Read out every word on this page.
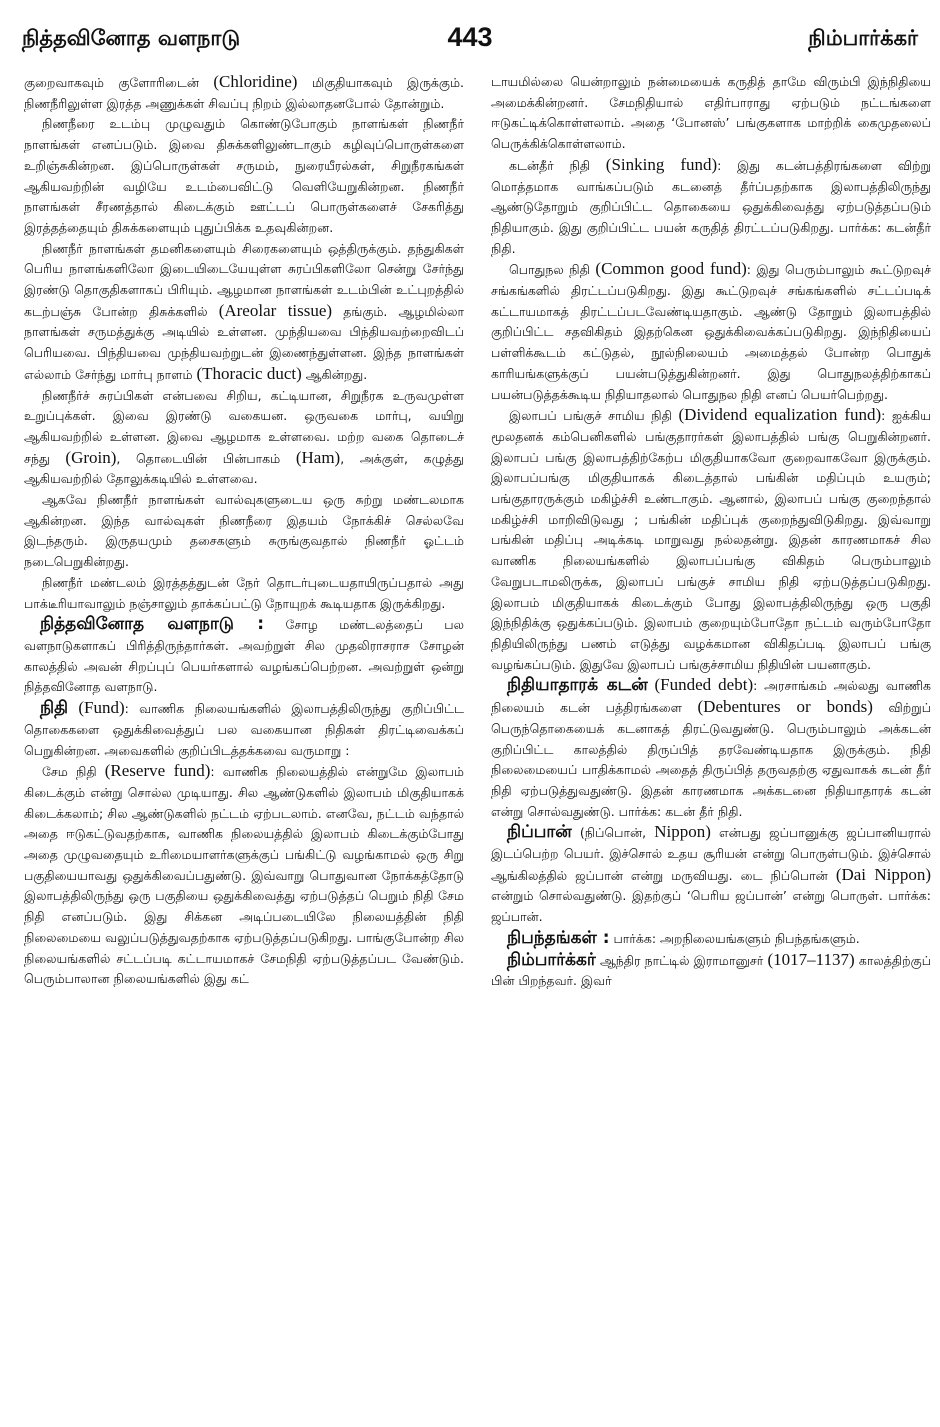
நித்தவினோத வளநாடு	443	நிம்பார்க்கர்

குறைவாகவும் குளோரிடைன் (Chloridine) மிகுதியாகவும் இருக்கும். நிணநீரிலுள்ள இரத்த அணுக்கள் சிவப்பு நிறம் இல்லாதனபோல் தோன்றும்.

நிணநீரை உடம்பு முழுவதும் கொண்டுபோகும் நாளங்கள் நிணநீர் நாளங்கள் எனப்படும். இவை திசுக்களிலுண்டாகும் கழிவுப்பொருள்களை உறிஞ்சுகின்றன. இப்பொருள்கள் சருமம், நுரையீரல்கள், சிறுநீரகங்கள் ஆகியவற்றின் வழியே உடம்பைவிட்டு வெளியேறுகின்றன. நிணநீர் நாளங்கள் சீரணத்தால் கிடைக்கும் ஊட்டப் பொருள்களைச் சேகரித்து இரத்தத்தையும் திசுக்களையும் புதுப்பிக்க உதவுகின்றன.

நிணநீர் நாளங்கள் தமனிகளையும் சிரைகளையும் ஒத்திருக்கும். தந்துகிகள் பெரிய நாளங்களிலோ இடையிடையேயுள்ள சுரப்பிகளிலோ சென்று சேர்ந்து இரண்டு தொகுதிகளாகப் பிரியும். ஆழமான நாளங்கள் உடம்பின் உட்புறத்தில் கடற்பஞ்சு போன்ற திசுக்களில் (Areolar tissue) தங்கும். ஆழமில்லா நாளங்கள் சருமத்துக்கு அடியில் உள்ளன. முந்தியவை பிந்தியவற்றைவிடப் பெரியவை. பிந்தியவை முந்தியவற்றுடன் இணைந்துள்ளன. இந்த நாளங்கள் எல்லாம் சேர்ந்து மார்பு நாளம் (Thoracic duct) ஆகின்றது.

நிணநீர்ச் சுரப்பிகள் என்பவை சிறிய, கட்டியான, சிறுநீரக உருவமுள்ள உறுப்புக்கள். இவை இரண்டு வகையன. ஒருவகை மார்பு, வயிறு ஆகியவற்றில் உள்ளன. இவை ஆழமாக உள்ளவை. மற்ற வகை தொடைச் சந்து (Groin), தொடையின் பின்பாகம் (Ham), அக்குள், கழுத்து ஆகியவற்றில் தோலுக்கடியில் உள்ளவை.

ஆகவே நிணநீர் நாளங்கள் வால்வுகளுடைய ஒரு சுற்று மண்டலமாக ஆகின்றன. இந்த வால்வுகள் நிணநீரை இதயம் நோக்கிச் செல்லவே இடந்தரும். இருதயமும் தசைகளும் சுருங்குவதால் நிணநீர் ஓட்டம் நடைபெறுகின்றது.

நிணநீர் மண்டலம் இரத்தத்துடன் நேர் தொடர்புடையதாயிருப்பதால் அது பாக்டீரியாவாலும் நஞ்சாலும் தாக்கப்பட்டு நோயுறக் கூடியதாக இருக்கிறது.

நித்தவினோத வளநாடு : சோழ மண்டலத்தைப் பல வளநாடுகளாகப் பிரித்திருந்தார்கள். அவற்றுள் சில முதலிராசராச சோழன் காலத்தில் அவன் சிறப்புப் பெயர்களால் வழங்கப்பெற்றன. அவற்றுள் ஒன்று நித்தவினோத வளநாடு.

நிதி (Fund): வாணிக நிலையங்களில் இலாபத்திலிருந்து குறிப்பிட்ட தொகைகளை ஒதுக்கிவைத்துப் பல வகையான நிதிகள் திரட்டிவைக்கப் பெறுகின்றன. அவைகளில் குறிப்பிடத்தக்கவை வருமாறு :

சேம நிதி (Reserve fund): வாணிக நிலையத்தில் என்றுமே இலாபம் கிடைக்கும் என்று சொல்ல முடியாது. சில ஆண்டுகளில் இலாபம் மிகுதியாகக் கிடைக்கலாம்; சில ஆண்டுகளில் நட்டம் ஏற்படலாம். எனவே, நட்டம் வந்தால் அதை ஈடுகட்டுவதற்காக, வாணிக நிலையத்தில் இலாபம் கிடைக்கும்போது அதை முழுவதையும் உரிமையாளர்களுக்குப் பங்கிட்டு வழங்காமல் ஒரு சிறு பகுதியையாவது ஒதுக்கிவைப்பதுண்டு. இவ்வாறு பொதுவான நோக்கத்தோடு இலாபத்திலிருந்து ஒரு பகுதியை ஒதுக்கிவைத்து ஏற்படுத்தப் பெறும் நிதி சேம நிதி எனப்படும். இது சிக்கன அடிப்படையிலே நிலையத்தின் நிதி நிலைமையை வலுப்படுத்துவதற்காக ஏற்படுத்தப்படுகிறது. பாங்குபோன்ற சில நிலையங்களில் சட்டப்படி கட்டாயமாகச் சேமநிதி ஏற்படுத்தப்பட வேண்டும். பெரும்பாலான நிலையங்களில் இது கட்

டாயமில்லை யென்றாலும் நன்மையைக் கருதித் தாமே விரும்பி இந்நிதியை அமைக்கின்றனர். சேமநிதியால் எதிர்பாராது ஏற்படும் நட்டங்களை ஈடுகட்டிக்கொள்ளலாம். அதை ‘போனஸ்’ பங்குகளாக மாற்றிக் கைமுதலைப் பெருக்கிக்கொள்ளலாம்.

கடன்தீர் நிதி (Sinking fund): இது கடன்பத்திரங்களை விற்று மொத்தமாக வாங்கப்படும் கடனைத் தீர்ப்பதற்காக இலாபத்திலிருந்து ஆண்டுதோறும் குறிப்பிட்ட தொகையை ஒதுக்கிவைத்து ஏற்படுத்தப்படும் நிதியாகும். இது குறிப்பிட்ட பயன் கருதித் திரட்டப்படுகிறது. பார்க்க: கடன்தீர் நிதி.

பொதுநல நிதி (Common good fund): இது பெரும்பாலும் கூட்டுறவுச் சங்கங்களில் திரட்டப்படுகிறது. இது கூட்டுறவுச் சங்கங்களில் சட்டப்படிக் கட்டாயமாகத் திரட்டப்படவேண்டியதாகும். ஆண்டு தோறும் இலாபத்தில் குறிப்பிட்ட சதவிகிதம் இதற்கென ஒதுக்கிவைக்கப்படுகிறது. இந்நிதியைப் பள்ளிக்கூடம் கட்டுதல், நூல்நிலையம் அமைத்தல் போன்ற பொதுக் காரியங்களுக்குப் பயன்படுத்துகின்றனர். இது பொதுநலத்திற்காகப் பயன்படுத்தக்கூடிய நிதியாதலால் பொதுநல நிதி எனப் பெயர்பெற்றது.

இலாபப் பங்குச் சாமிய நிதி (Dividend equalization fund): ஐக்கிய மூலதனக் கம்பெனிகளில் பங்குதாரர்கள் இலாபத்தில் பங்கு பெறுகின்றனர். இலாபப் பங்கு இலாபத்திற்கேற்ப மிகுதியாகவோ குறைவாகவோ இருக்கும். இலாபப்பங்கு மிகுதியாகக் கிடைத்தால் பங்கின் மதிப்பும் உயரும்; பங்குதாரருக்கும் மகிழ்ச்சி உண்டாகும். ஆனால், இலாபப் பங்கு குறைந்தால் மகிழ்ச்சி மாறிவிடுவது ; பங்கின் மதிப்புக் குறைந்துவிடுகிறது. இவ்வாறு பங்கின் மதிப்பு அடிக்கடி மாறுவது நல்லதன்று. இதன் காரணமாகச் சில வாணிக நிலையங்களில் இலாபப்பங்கு விகிதம் பெரும்பாலும் வேறுபடாமலிருக்க, இலாபப் பங்குச் சாமிய நிதி ஏற்படுத்தப்படுகிறது. இலாபம் மிகுதியாகக் கிடைக்கும் போது இலாபத்திலிருந்து ஒரு பகுதி இந்நிதிக்கு ஒதுக்கப்படும். இலாபம் குறையும்போதோ நட்டம் வரும்போதோ நிதியிலிருந்து பணம் எடுத்து வழக்கமான விகிதப்படி இலாபப் பங்கு வழங்கப்படும். இதுவே இலாபப் பங்குச்சாமிய நிதியின் பயனாகும்.

நிதியாதாரக் கடன் (Funded debt): அரசாங்கம் அல்லது வாணிக நிலையம் கடன் பத்திரங்களை (Debentures or bonds) விற்றுப் பெருந்தொகையைக் கடனாகத் திரட்டுவதுண்டு. பெரும்பாலும் அக்கடன் குறிப்பிட்ட காலத்தில் திருப்பித் தரவேண்டியதாக இருக்கும். நிதி நிலைமையைப் பாதிக்காமல் அதைத் திருப்பித் தருவதற்கு ஏதுவாகக் கடன் தீர் நிதி ஏற்படுத்துவதுண்டு. இதன் காரணமாக அக்கடனை நிதியாதாரக் கடன் என்று சொல்வதுண்டு. பார்க்க: கடன் தீர் நிதி.

நிப்பான் (நிப்பொன், Nippon) என்பது ஜப்பானுக்கு ஜப்பானியரால் இடப்பெற்ற பெயர். இச்சொல் உதய சூரியன் என்று பொருள்படும். இச்சொல் ஆங்கிலத்தில் ஜப்பான் என்று மருவியது. டை நிப்பொன் (Dai Nippon) என்றும் சொல்வதுண்டு. இதற்குப் ‘பெரிய ஜப்பான்’ என்று பொருள். பார்க்க: ஜப்பான்.

நிபந்தங்கள் : பார்க்க: அறநிலையங்களும் நிபந்தங்களும்.

நிம்பார்க்கர் ஆந்திர நாட்டில் இராமானுசர் (1017–1137) காலத்திற்குப் பின் பிறந்தவர். இவர்
